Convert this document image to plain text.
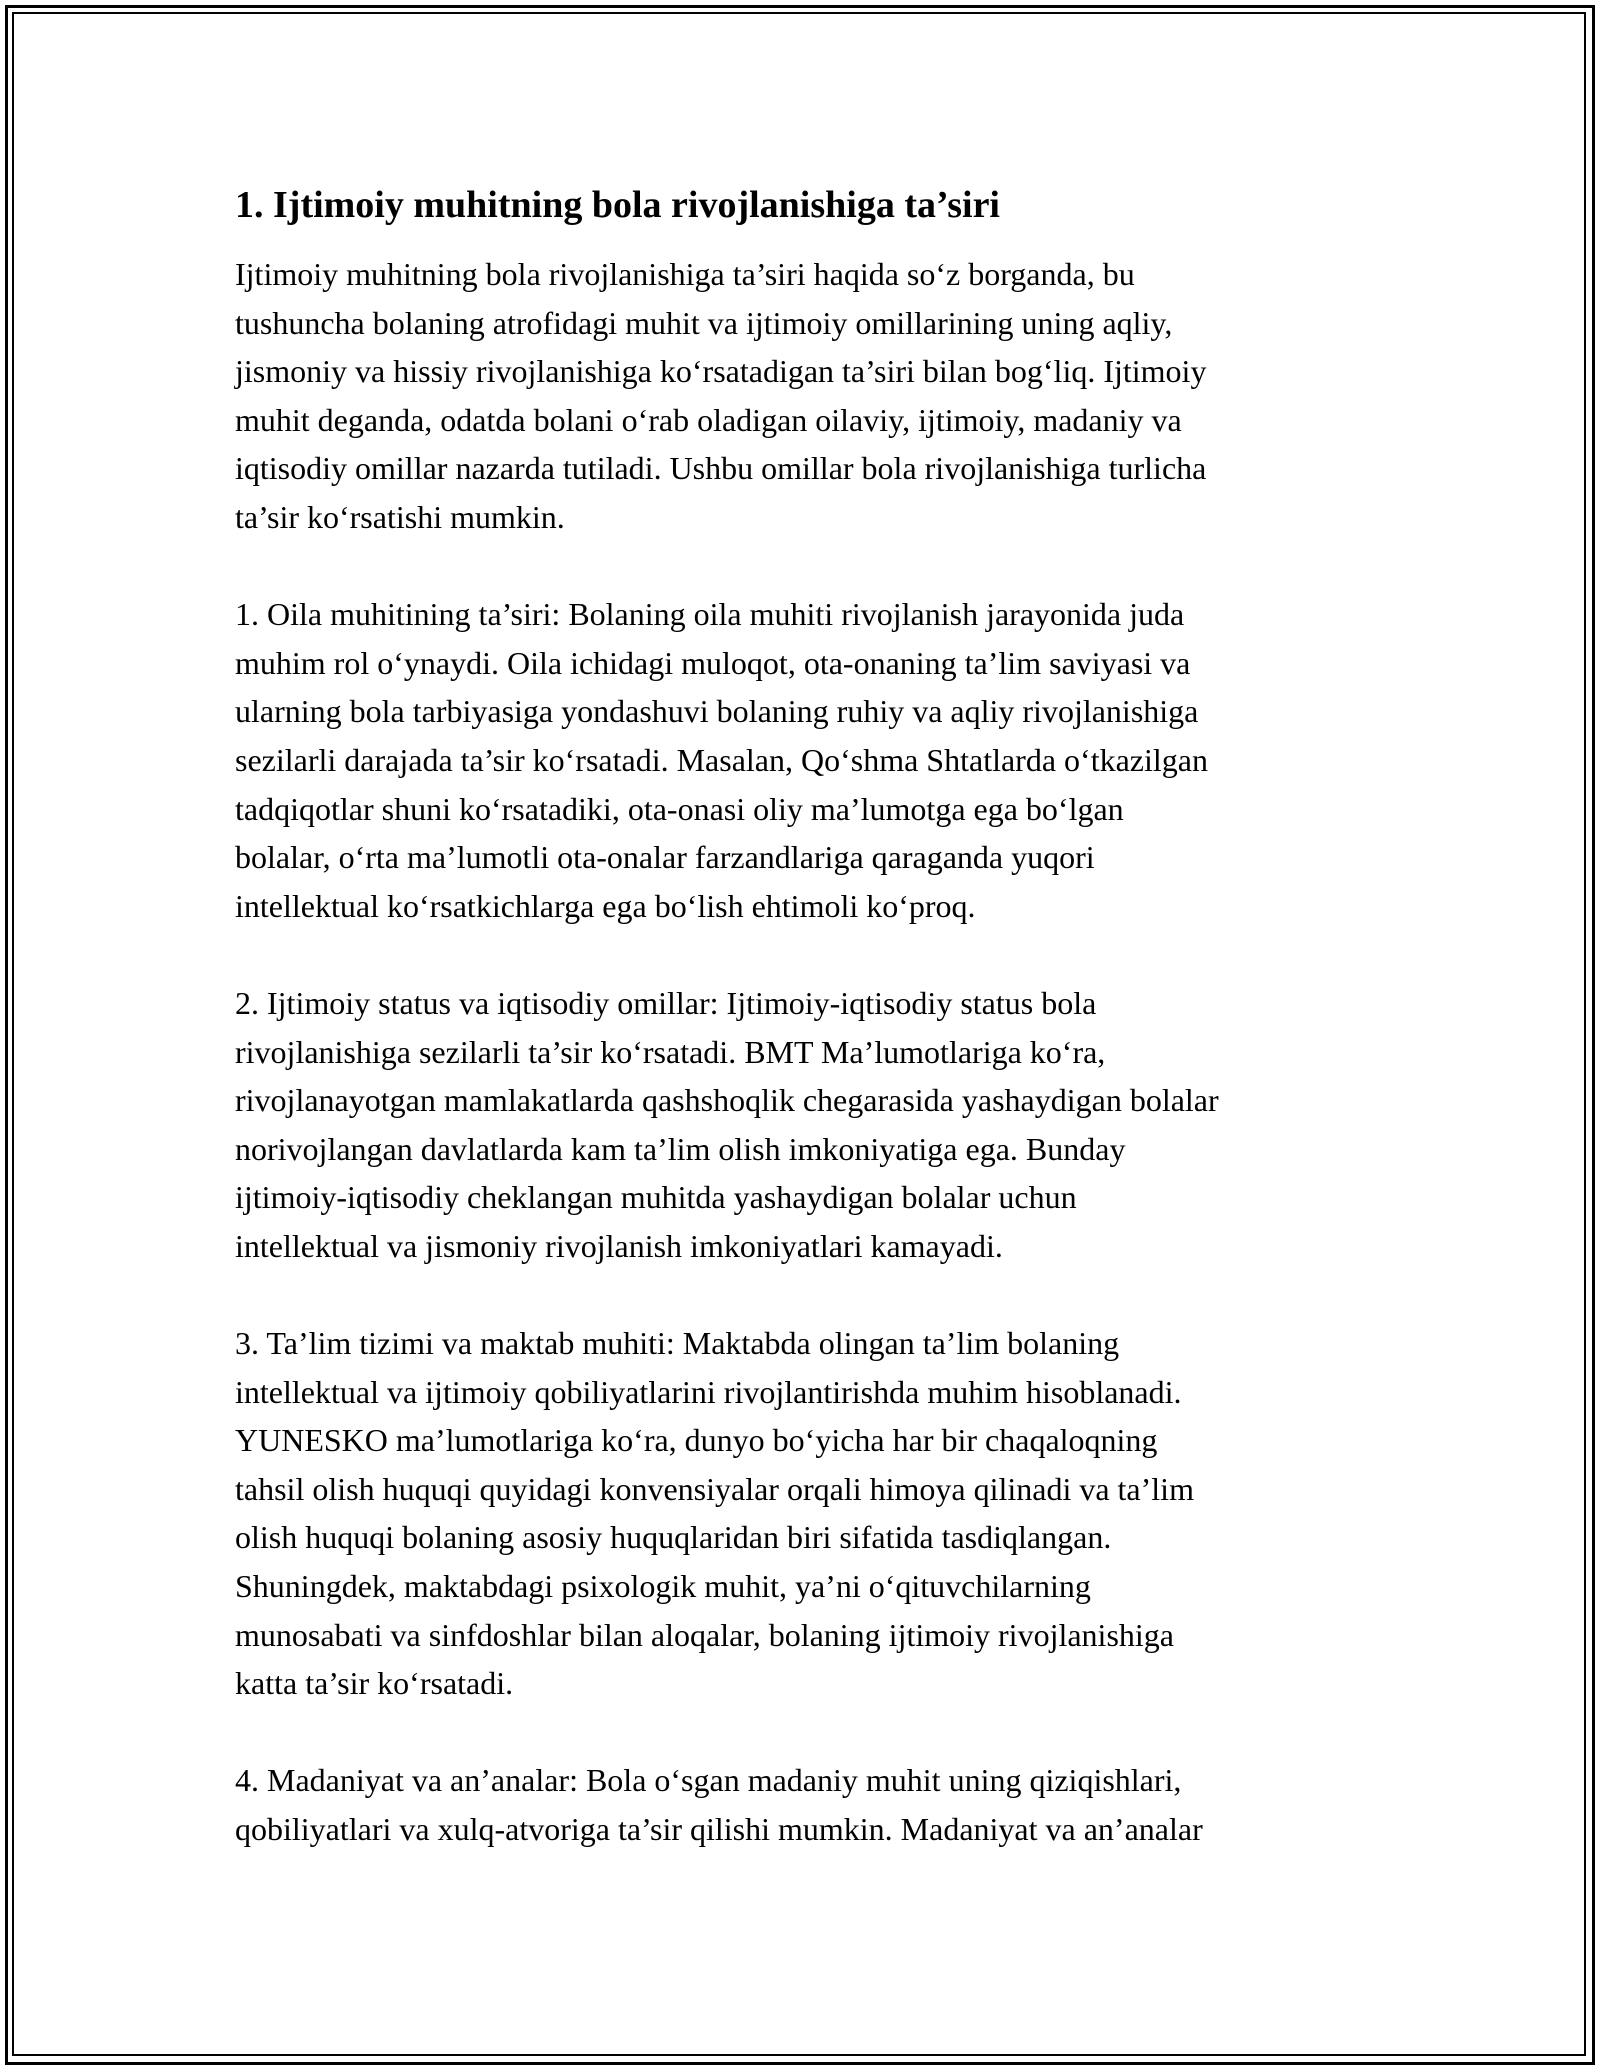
1. Ijtimoiy muhitning bola rivojlanishiga ta’siri

Ijtimoiy muhitning bola rivojlanishiga ta’siri haqida so‘z borganda, bu
tushuncha bolaning atrofidagi muhit va ijtimoiy omillarining uning aqliy,
jismoniy va hissiy rivojlanishiga ko‘rsatadigan ta’siri bilan bog‘liq. Ijtimoiy
muhit deganda, odatda bolani o‘rab oladigan oilaviy, ijtimoiy, madaniy va
iqtisodiy omillar nazarda tutiladi. Ushbu omillar bola rivojlanishiga turlicha
ta’sir ko‘rsatishi mumkin.

1. Oila muhitining ta’siri: Bolaning oila muhiti rivojlanish jarayonida juda
muhim rol o‘ynaydi. Oila ichidagi muloqot, ota-onaning ta’lim saviyasi va
ularning bola tarbiyasiga yondashuvi bolaning ruhiy va aqliy rivojlanishiga
sezilarli darajada ta’sir ko‘rsatadi. Masalan, Qo‘shma Shtatlarda o‘tkazilgan
tadqiqotlar shuni ko‘rsatadiki, ota-onasi oliy ma’lumotga ega bo‘lgan
bolalar, o‘rta ma’lumotli ota-onalar farzandlariga qaraganda yuqori
intellektual ko‘rsatkichlarga ega bo‘lish ehtimoli ko‘proq.

2. Ijtimoiy status va iqtisodiy omillar: Ijtimoiy-iqtisodiy status bola
rivojlanishiga sezilarli ta’sir ko‘rsatadi. BMT Ma’lumotlariga ko‘ra,
rivojlanayotgan mamlakatlarda qashshoqlik chegarasida yashaydigan bolalar
norivojlangan davlatlarda kam ta’lim olish imkoniyatiga ega. Bunday
ijtimoiy-iqtisodiy cheklangan muhitda yashaydigan bolalar uchun
intellektual va jismoniy rivojlanish imkoniyatlari kamayadi.

3. Ta’lim tizimi va maktab muhiti: Maktabda olingan ta’lim bolaning
intellektual va ijtimoiy qobiliyatlarini rivojlantirishda muhim hisoblanadi.
YUNESKO ma’lumotlariga ko‘ra, dunyo bo‘yicha har bir chaqaloqning
tahsil olish huquqi quyidagi konvensiyalar orqali himoya qilinadi va ta’lim
olish huquqi bolaning asosiy huquqlaridan biri sifatida tasdiqlangan.
Shuningdek, maktabdagi psixologik muhit, ya’ni o‘qituvchilarning
munosabati va sinfdoshlar bilan aloqalar, bolaning ijtimoiy rivojlanishiga
katta ta’sir ko‘rsatadi.

4. Madaniyat va an’analar: Bola o‘sgan madaniy muhit uning qiziqishlari,
qobiliyatlari va xulq-atvoriga ta’sir qilishi mumkin. Madaniyat va an’analar
